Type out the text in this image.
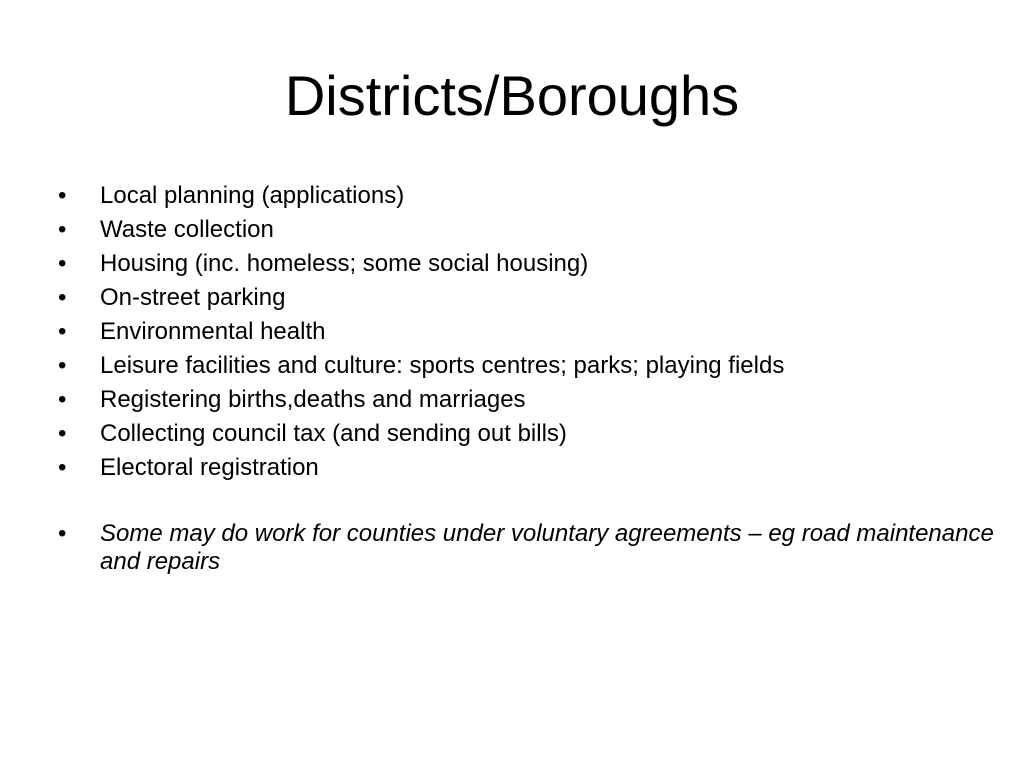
Districts/Boroughs
•	Local planning (applications)
•	Waste collection
•	Housing (inc. homeless; some social housing)
•	On-street parking
•	Environmental health
•	Leisure facilities and culture: sports centres; parks; playing fields
•	Registering births,deaths and marriages
•	Collecting council tax (and sending out bills)
•	Electoral registration
• Some may do work for counties under voluntary agreements – eg road maintenance and repairs
